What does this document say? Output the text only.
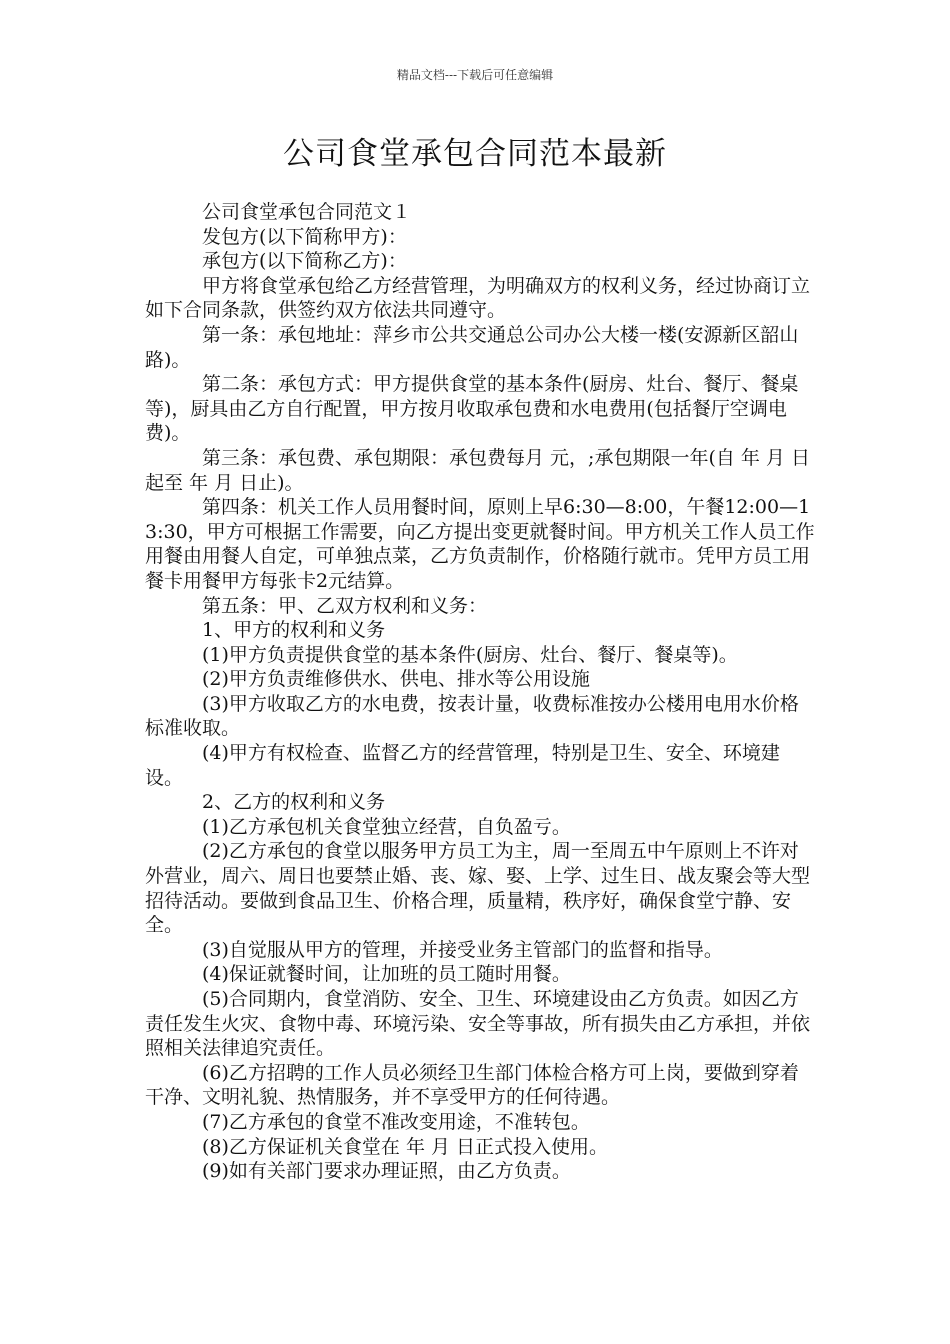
精品文档---下载后可任意编辑
公司食堂承包合同范本最新

公司食堂承包合同范文１

发包方(以下简称甲方)：

承包方(以下简称乙方)：

甲方将食堂承包给乙方经营管理，为明确双方的权利义务，经过协商订立如下合同条款，供签约双方依法共同遵守。

第一条：承包地址：萍乡市公共交通总公司办公大楼一楼(安源新区韶山路)。

第二条：承包方式：甲方提供食堂的基本条件(厨房、灶台、餐厅、餐桌等)，厨具由乙方自行配置，甲方按月收取承包费和水电费用(包括餐厅空调电费)。

第三条：承包费、承包期限：承包费每月 元，;承包期限一年(自 年 月 日起至 年 月 日止)。

第四条：机关工作人员用餐时间，原则上早6:30—8:00，午餐12:00—13:30，甲方可根据工作需要，向乙方提出变更就餐时间。甲方机关工作人员工作用餐由用餐人自定，可单独点菜，乙方负责制作，价格随行就市。凭甲方员工用餐卡用餐甲方每张卡2元结算。

第五条：甲、乙双方权利和义务：

1、甲方的权利和义务

(1)甲方负责提供食堂的基本条件(厨房、灶台、餐厅、餐桌等)。

(2)甲方负责维修供水、供电、排水等公用设施

(3)甲方收取乙方的水电费，按表计量，收费标准按办公楼用电用水价格标准收取。

(4)甲方有权检查、监督乙方的经营管理，特别是卫生、安全、环境建设。

2、乙方的权利和义务

(1)乙方承包机关食堂独立经营，自负盈亏。

(2)乙方承包的食堂以服务甲方员工为主，周一至周五中午原则上不许对外营业，周六、周日也要禁止婚、丧、嫁、娶、上学、过生日、战友聚会等大型招待活动。要做到食品卫生、价格合理，质量精，秩序好，确保食堂宁静、安全。

(3)自觉服从甲方的管理，并接受业务主管部门的监督和指导。

(4)保证就餐时间，让加班的员工随时用餐。

(5)合同期内，食堂消防、安全、卫生、环境建设由乙方负责。如因乙方责任发生火灾、食物中毒、环境污染、安全等事故，所有损失由乙方承担，并依照相关法律追究责任。

(6)乙方招聘的工作人员必须经卫生部门体检合格方可上岗，要做到穿着干净、文明礼貌、热情服务，并不享受甲方的任何待遇。

(7)乙方承包的食堂不准改变用途，不准转包。

(8)乙方保证机关食堂在 年 月 日正式投入使用。

(9)如有关部门要求办理证照，由乙方负责。
